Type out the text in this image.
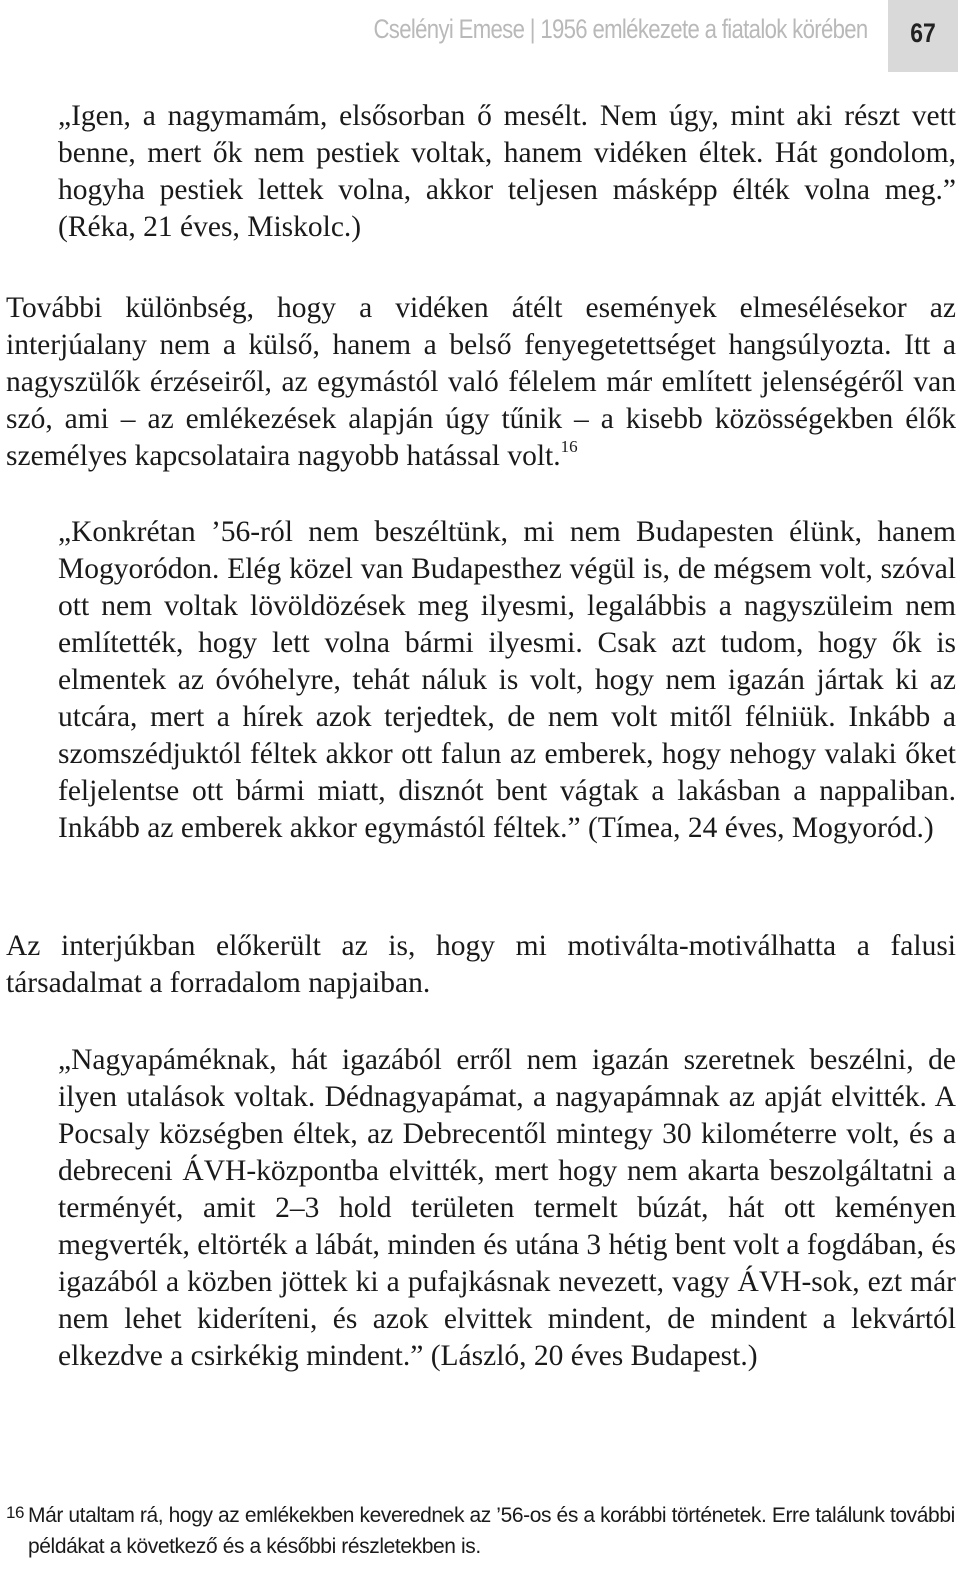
Cselényi Emese | 1956 emlékezete a fiatalok körében	67
„Igen, a nagymamám, elsősorban ő mesélt. Nem úgy, mint aki részt vett benne, mert ők nem pestiek voltak, hanem vidéken éltek. Hát gondolom, hogyha pestiek lettek volna, akkor teljesen másképp élték volna meg.” (Réka, 21 éves, Miskolc.)
További különbség, hogy a vidéken átélt események elmesélésekor az interjúalany nem a külső, hanem a belső fenyegetettséget hangsúlyozta. Itt a nagyszülők érzéseiről, az egymástól való félelem már említett jelenségéről van szó, ami – az emlékezések alapján úgy tűnik – a kisebb közösségekben élők személyes kapcsolataira nagyobb hatással volt.$^{16}$
„Konkrétan ’56-ról nem beszéltünk, mi nem Budapesten élünk, hanem Mogyoródon. Elég közel van Budapesthez végül is, de mégsem volt, szóval ott nem voltak lövöldözések meg ilyesmi, legalábbis a nagyszüleim nem említették, hogy lett volna bármi ilyesmi. Csak azt tudom, hogy ők is elmentek az óvóhelyre, tehát náluk is volt, hogy nem igazán jártak ki az utcára, mert a hírek azok terjedtek, de nem volt mitől félniük. Inkább a szomszédjuktól féltek akkor ott falun az emberek, hogy nehogy valaki őket feljelentse ott bármi miatt, disznót bent vágtak a lakásban a nappaliban. Inkább az emberek akkor egymástól féltek.” (Tímea, 24 éves, Mogyoród.)
Az interjúkban előkerült az is, hogy mi motiválta-motiválhatta a falusi társadalmat a forradalom napjaiban.
„Nagyapáméknak, hát igazából erről nem igazán szeretnek beszélni, de ilyen utalások voltak. Dédnagyapámat, a nagyapámnak az apját elvitték. A Pocsaly községben éltek, az Debrecentől mintegy 30 kilométerre volt, és a debreceni ÁVH-központba elvitték, mert hogy nem akarta beszolgáltatni a terményét, amit 2–3 hold területen termelt búzát, hát ott keményen megverték, eltörték a lábát, minden és utána 3 hétig bent volt a fogdában, és igazából a közben jöttek ki a pufajkásnak nevezett, vagy ÁVH-sok, ezt már nem lehet kideríteni, és azok elvittek mindent, de mindent a lekvártól elkezdve a csirkékig mindent.” (László, 20 éves Budapest.)
16 Már utaltam rá, hogy az emlékekben keverednek az ’56-os és a korábbi történetek. Erre találunk további példákat a következő és a későbbi részletekben is.
